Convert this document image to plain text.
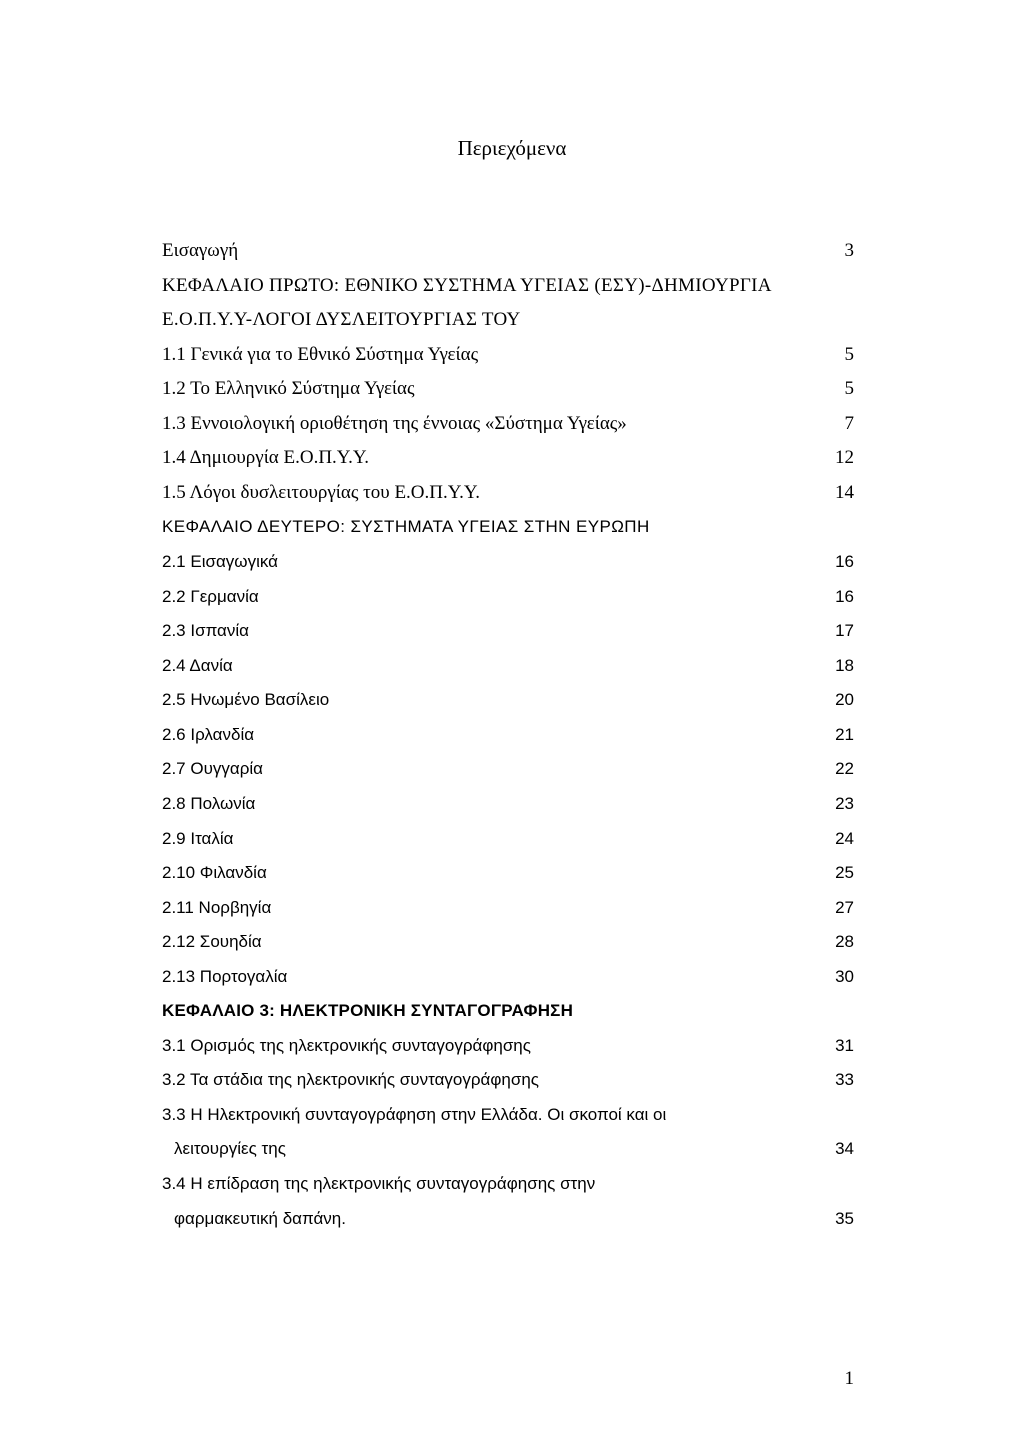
Περιεχόμενα
Εισαγωγή	3
ΚΕΦΑΛΑΙΟ ΠΡΩΤΟ: ΕΘΝΙΚΟ ΣΥΣΤΗΜΑ ΥΓΕΙΑΣ (ΕΣΥ)-ΔΗΜΙΟΥΡΓΙΑ
Ε.Ο.Π.Υ.Υ-ΛΟΓΟΙ ΔΥΣΛΕΙΤΟΥΡΓΙΑΣ ΤΟΥ
1.1 Γενικά για το Εθνικό Σύστημα Υγείας	5
1.2 Το Ελληνικό Σύστημα Υγείας	5
1.3 Εννοιολογική οριοθέτηση της έννοιας «Σύστημα Υγείας»	7
1.4 Δημιουργία Ε.Ο.Π.Υ.Υ.	12
1.5 Λόγοι δυσλειτουργίας του Ε.Ο.Π.Υ.Υ.	14
ΚΕΦΑΛΑΙΟ ΔΕΥΤΕΡΟ: ΣΥΣΤΗΜΑΤΑ ΥΓΕΙΑΣ ΣΤΗΝ ΕΥΡΩΠΗ
2.1 Εισαγωγικά	16
2.2 Γερμανία	16
2.3 Ισπανία	17
2.4 Δανία	18
2.5 Ηνωμένο Βασίλειο	20
2.6 Ιρλανδία	21
2.7 Ουγγαρία	22
2.8 Πολωνία	23
2.9 Ιταλία	24
2.10 Φιλανδία	25
2.11 Νορβηγία	27
2.12 Σουηδία	28
2.13 Πορτογαλία	30
ΚΕΦΑΛΑΙΟ 3: ΗΛΕΚΤΡΟΝΙΚΗ ΣΥΝΤΑΓΟΓΡΑΦΗΣΗ
3.1 Ορισμός της ηλεκτρονικής συνταγογράφησης	31
3.2 Τα στάδια της ηλεκτρονικής συνταγογράφησης	33
3.3 Η Ηλεκτρονική συνταγογράφηση στην Ελλάδα. Οι σκοποί και οι
λειτουργίες της	34
3.4 Η επίδραση της ηλεκτρονικής συνταγογράφησης στην
φαρμακευτική δαπάνη.	35
1
